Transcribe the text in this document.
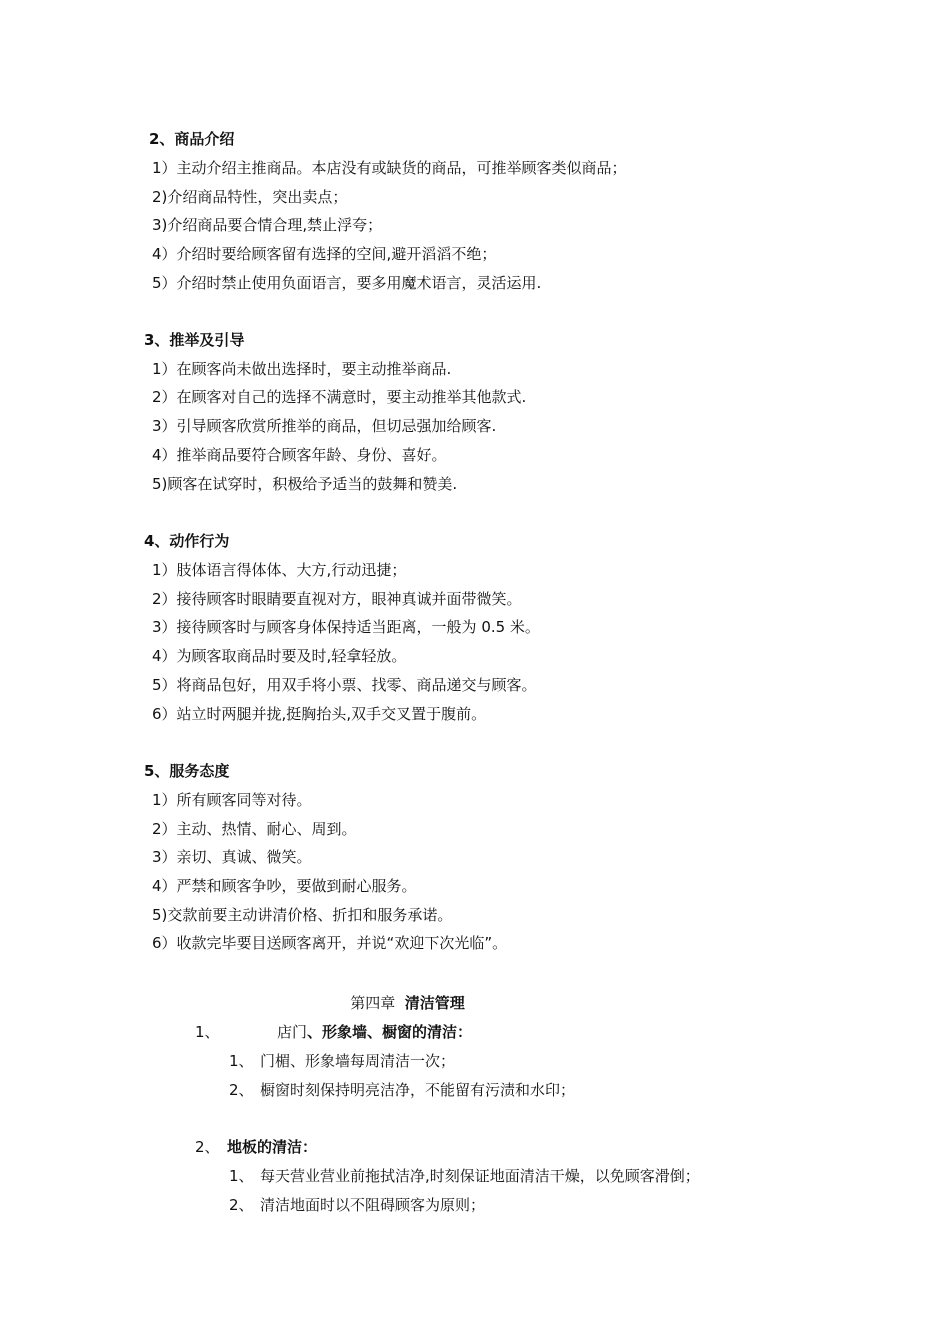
2、商品介绍
1）主动介绍主推商品。本店没有或缺货的商品，可推举顾客类似商品；
2)介绍商品特性，突出卖点；
3)介绍商品要合情合理,禁止浮夸；
4）介绍时要给顾客留有选择的空间,避开滔滔不绝；
5）介绍时禁止使用负面语言，要多用魔术语言，灵活运用.
3、推举及引导
1）在顾客尚未做出选择时，要主动推举商品.
2）在顾客对自己的选择不满意时，要主动推举其他款式.
3）引导顾客欣赏所推举的商品，但切忌强加给顾客.
4）推举商品要符合顾客年龄、身份、喜好。
5)顾客在试穿时，积极给予适当的鼓舞和赞美.
4、动作行为
1）肢体语言得体体、大方,行动迅捷；
2）接待顾客时眼睛要直视对方，眼神真诚并面带微笑。
3）接待顾客时与顾客身体保持适当距离，一般为 0.5 米。
4）为顾客取商品时要及时,轻拿轻放。
5）将商品包好，用双手将小票、找零、商品递交与顾客。
6）站立时两腿并拢,挺胸抬头,双手交叉置于腹前。
5、服务态度
1）所有顾客同等对待。
2）主动、热情、耐心、周到。
3）亲切、真诚、微笑。
4）严禁和顾客争吵，要做到耐心服务。
5)交款前要主动讲清价格、折扣和服务承诺。
6）收款完毕要目送顾客离开，并说“欢迎下次光临”。
第四章 清洁管理
1、	店门、形象墙、橱窗的清洁：
1、 门楣、形象墙每周清洁一次；
2、 橱窗时刻保持明亮洁净，不能留有污渍和水印；
2、 地板的清洁：
1、 每天营业营业前拖拭洁净,时刻保证地面清洁干燥，以免顾客滑倒；
2、 清洁地面时以不阻碍顾客为原则；
